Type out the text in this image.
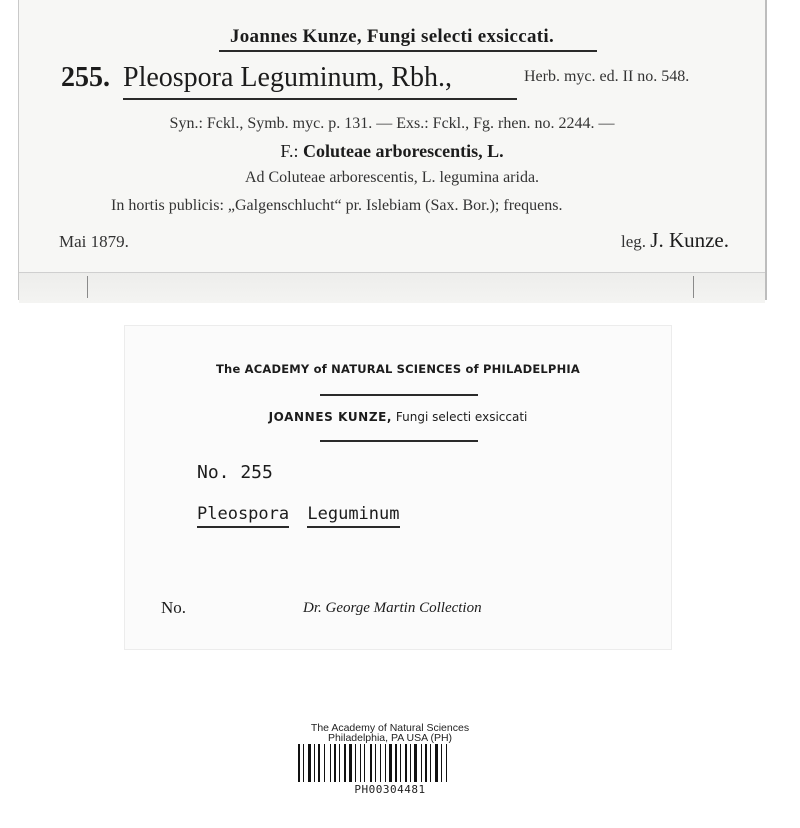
Joannes Kunze, Fungi selecti exsiccati.
255. Pleospora Leguminum, Rbh.,	Herb. myc. ed. II no. 548.
Syn.: Fckl., Symb. myc. p. 131. — Exs.: Fckl., Fg. rhen. no. 2244. —
F.: Coluteae arborescentis, L.
Ad Coluteae arborescentis, L. legumina arida.
In hortis publicis: „Galgenschlucht“ pr. Islebiam (Sax. Bor.); frequens.
Mai 1879.	leg. J. Kunze.
The ACADEMY of NATURAL SCIENCES of PHILADELPHIA
JOANNES KUNZE, Fungi selecti exsiccati
No. 255
Pleospora Leguminum
No.	Dr. George Martin Collection
The Academy of Natural Sciences
Philadelphia, PA USA (PH)
PH00304481
